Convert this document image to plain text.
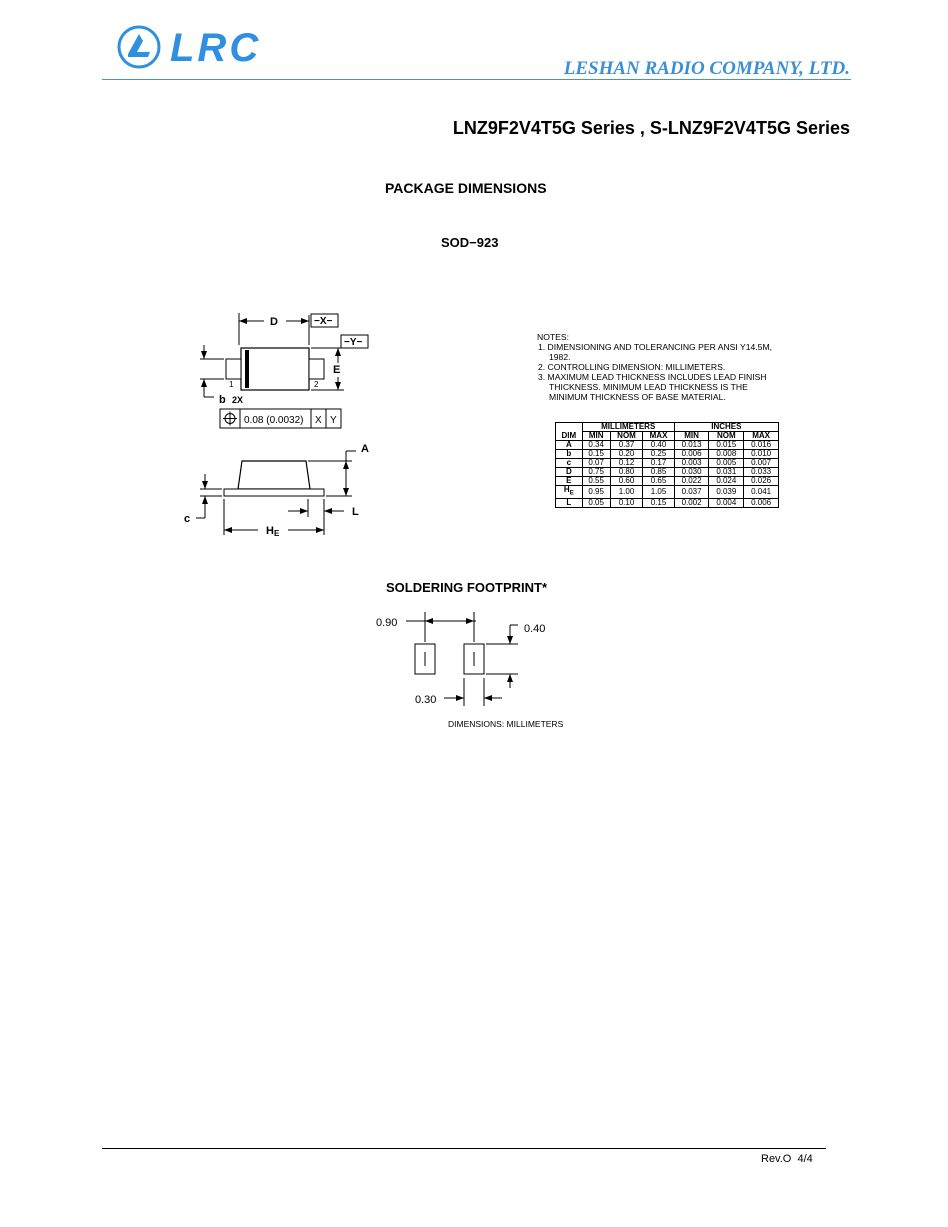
LRC	LESHAN RADIO COMPANY, LTD.
LNZ9F2V4T5G Series , S-LNZ9F2V4T5G Series
PACKAGE DIMENSIONS
SOD−923
D	−X−
−Y−
E
b 2X
1	2
0.08 (0.0032) X Y
A
c
L
HE
NOTES:
1. DIMENSIONING AND TOLERANCING PER ANSI Y14.5M, 1982.
2. CONTROLLING DIMENSION: MILLIMETERS.
3. MAXIMUM LEAD THICKNESS INCLUDES LEAD FINISH THICKNESS. MINIMUM LEAD THICKNESS IS THE MINIMUM THICKNESS OF BASE MATERIAL.
DIM	MILLIMETERS			INCHES		
	MIN	NOM	MAX	MIN	NOM	MAX
A	0.34	0.37	0.40	0.013	0.015	0.016
b	0.15	0.20	0.25	0.006	0.008	0.010
c	0.07	0.12	0.17	0.003	0.005	0.007
D	0.75	0.80	0.85	0.030	0.031	0.033
E	0.55	0.60	0.65	0.022	0.024	0.026
$H_E$	0.95	1.00	1.05	0.037	0.039	0.041
L	0.05	0.10	0.15	0.002	0.004	0.006
SOLDERING FOOTPRINT*
0.90	0.40
0.30
DIMENSIONS: MILLIMETERS
Rev.O  4/4
